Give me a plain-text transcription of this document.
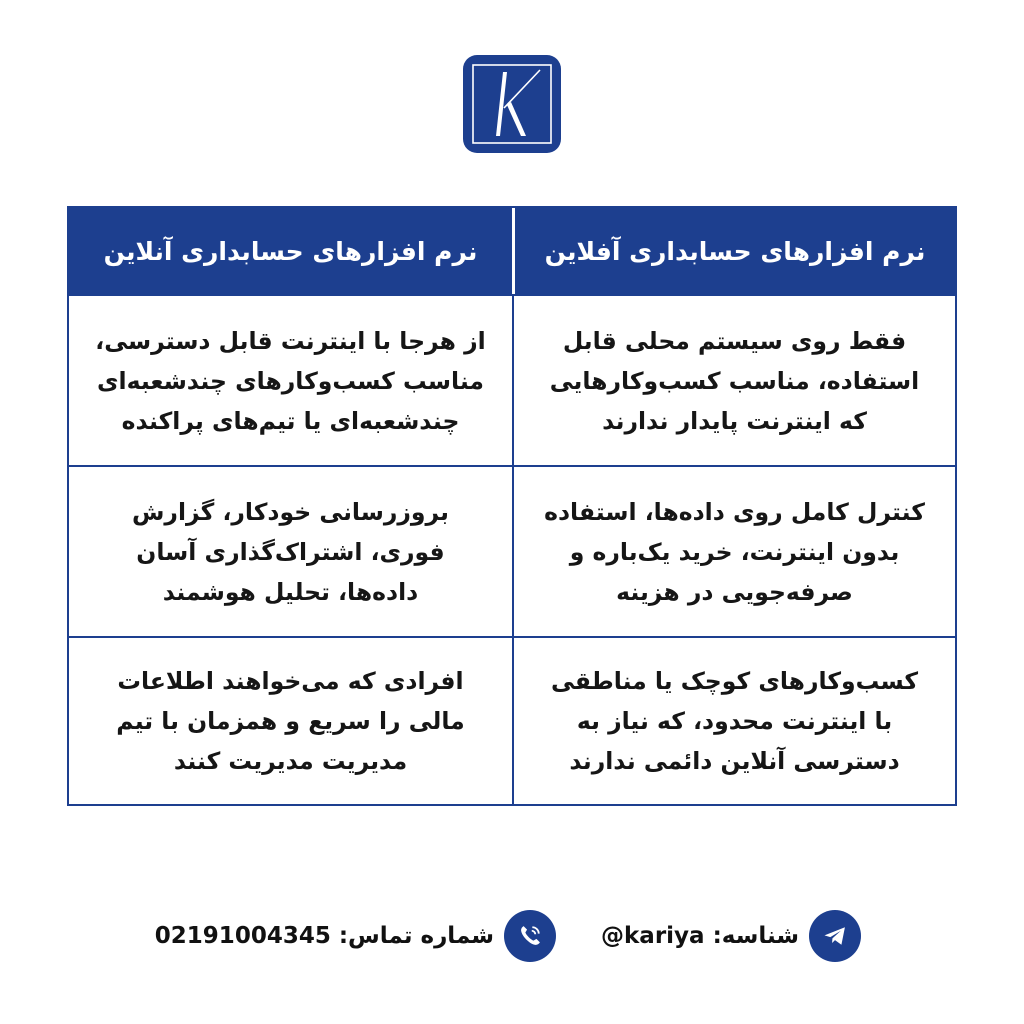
نرم افزارهای حسابداری آفلاین
نرم افزارهای حسابداری آنلاین
فقط روی سیستم محلی قابل استفاده، مناسب کسب‌وکارهایی که اینترنت پایدار ندارند
از هرجا با اینترنت قابل دسترسی، مناسب کسب‌وکارهای چندشعبه‌ای چندشعبه‌ای یا تیم‌های پراکنده
کنترل کامل روی داده‌ها، استفاده بدون اینترنت، خرید یک‌باره و صرفه‌جویی در هزینه
بروزرسانی خودکار، گزارش فوری، اشتراک‌گذاری آسان داده‌ها، تحلیل هوشمند
کسب‌وکارهای کوچک یا مناطقی با اینترنت محدود، که نیاز به دسترسی آنلاین دائمی ندارند
افرادی که می‌خواهند اطلاعات مالی را سریع و همزمان با تیم مدیریت مدیریت کنند
شناسه: @kariya
شماره تماس: 02191004345
